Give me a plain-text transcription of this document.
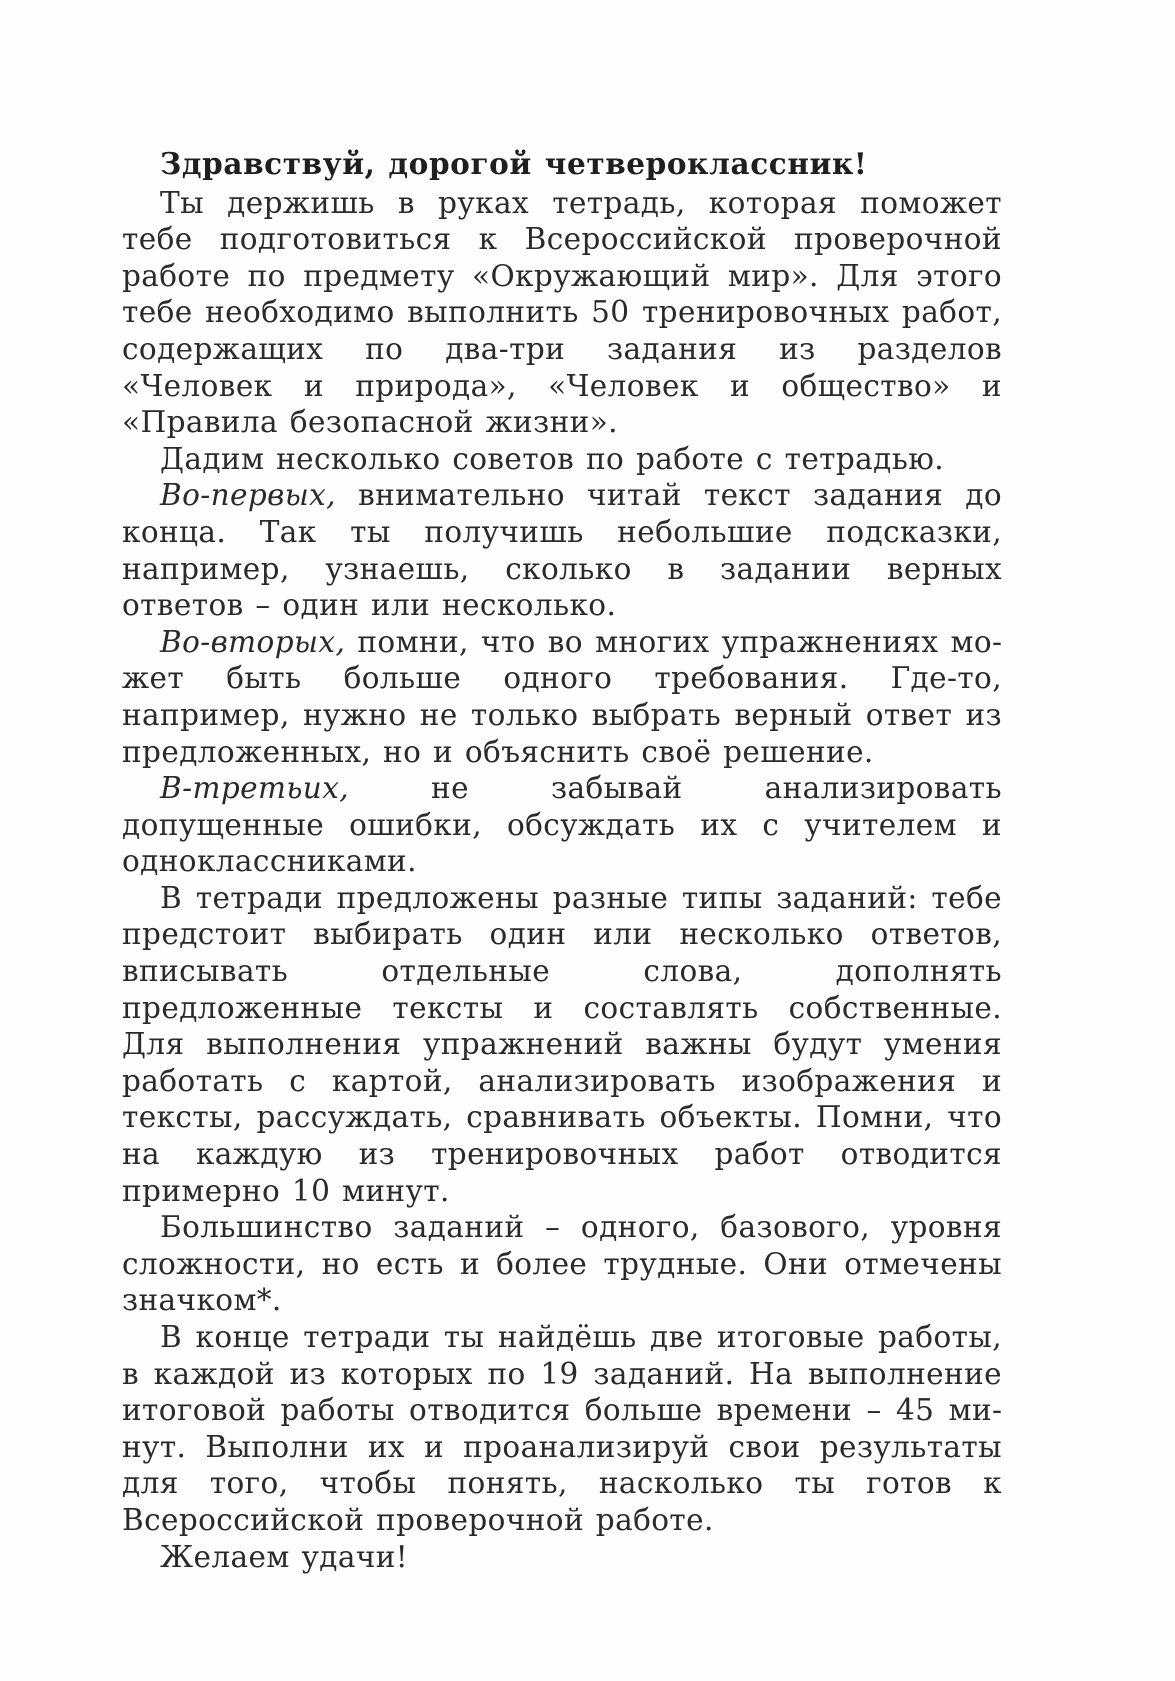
Здравствуй, дорогой четвероклассник!

Ты держишь в руках тетрадь, которая поможет тебе подготовиться к Всероссийской проверочной работе по предмету «Окружающий мир». Для этого тебе необходимо выполнить 50 тренировочных работ, содержащих по два-три задания из разделов «Человек и природа», «Человек и общество» и «Правила безопасной жизни».

Дадим несколько советов по работе с тетрадью.

Во-первых, внимательно читай текст задания до конца. Так ты получишь небольшие подсказки, например, узнаешь, сколько в задании верных ответов – один или несколько.

Во-вторых, помни, что во многих упражнениях может быть больше одного требования. Где-то, например, нужно не только выбрать верный ответ из предложенных, но и объяснить своё решение.

В-третьих, не забывай анализировать допущенные ошибки, обсуждать их с учителем и одноклассниками.

В тетради предложены разные типы заданий: тебе предстоит выбирать один или несколько ответов, вписывать отдельные слова, дополнять предложенные тексты и составлять собственные. Для выполнения упражнений важны будут умения работать с картой, анализировать изображения и тексты, рассуждать, сравнивать объекты. Помни, что на каждую из тренировочных работ отводится примерно 10 минут.

Большинство заданий – одного, базового, уровня сложности, но есть и более трудные. Они отмечены значком*.

В конце тетради ты найдёшь две итоговые работы, в каждой из которых по 19 заданий. На выполнение итоговой работы отводится больше времени – 45 минут. Выполни их и проанализируй свои результаты для того, чтобы понять, насколько ты готов к Всероссийской проверочной работе.

Желаем удачи!
